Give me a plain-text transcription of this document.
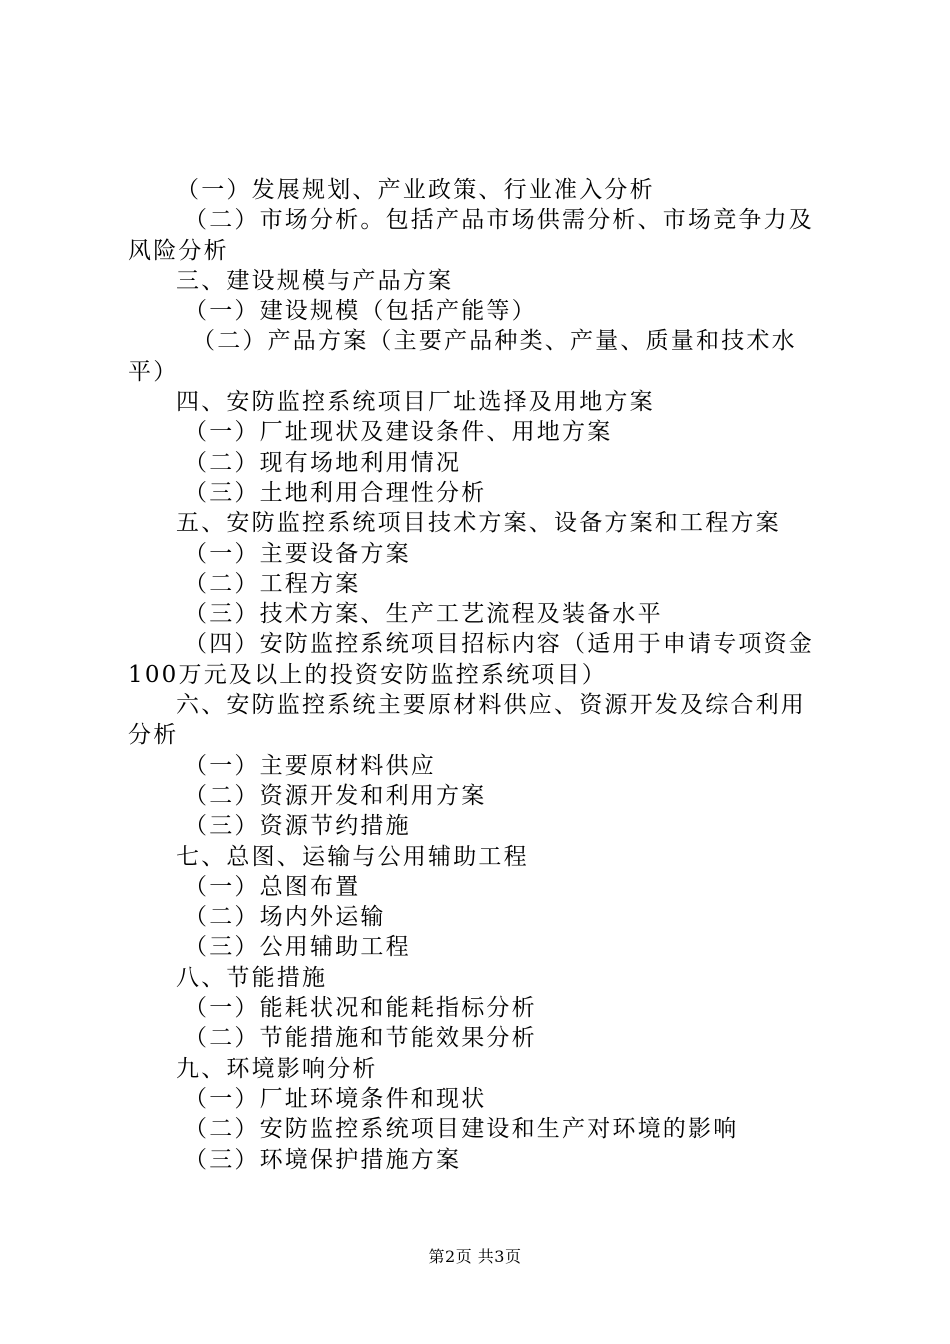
（一）发展规划、产业政策、行业准入分析
（二）市场分析。包括产品市场供需分析、市场竞争力及
风险分析
三、建设规模与产品方案
（一）建设规模（包括产能等）
（二）产品方案（主要产品种类、产量、质量和技术水
平）
四、安防监控系统项目厂址选择及用地方案
（一）厂址现状及建设条件、用地方案
（二）现有场地利用情况
（三）土地利用合理性分析
五、安防监控系统项目技术方案、设备方案和工程方案
（一）主要设备方案
（二）工程方案
（三）技术方案、生产工艺流程及装备水平
（四）安防监控系统项目招标内容（适用于申请专项资金
100万元及以上的投资安防监控系统项目）
六、安防监控系统主要原材料供应、资源开发及综合利用
分析
（一）主要原材料供应
（二）资源开发和利用方案
（三）资源节约措施
七、总图、运输与公用辅助工程
（一）总图布置
（二）场内外运输
（三）公用辅助工程
八、节能措施
（一）能耗状况和能耗指标分析
（二）节能措施和节能效果分析
九、环境影响分析
（一）厂址环境条件和现状
（二）安防监控系统项目建设和生产对环境的影响
（三）环境保护措施方案
第2页 共3页
